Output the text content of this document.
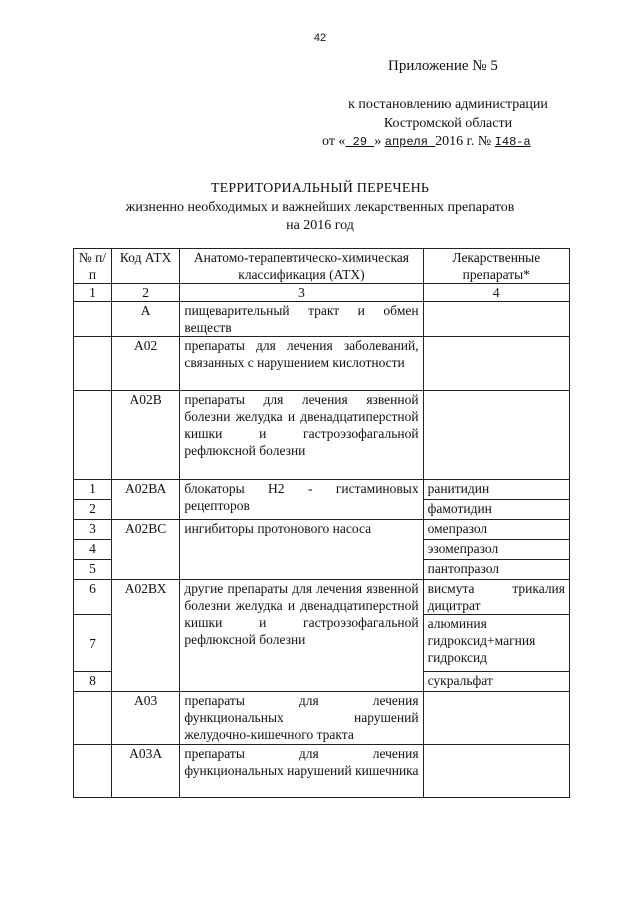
42
Приложение № 5
к постановлению администрации
Костромской области
от « 29 » апреля 2016 г. № I48-а
ТЕРРИТОРИАЛЬНЫЙ ПЕРЕЧЕНЬ
жизненно необходимых и важнейших лекарственных препаратов
на 2016 год
№ п/п	Код АТХ	Анатомо-терапевтическо-химическая классификация (АТХ)	Лекарственные препараты*
1	2	3	4
	А	пищеварительный тракт и обмен веществ	
	А02	препараты для лечения заболеваний, связанных с нарушением кислотности	
	А02В	препараты для лечения язвенной болезни желудка и двенадцатиперстной кишки и гастроэзофагальной рефлюксной болезни	
1	А02ВА	блокаторы Н2 - гистаминовых рецепторов	ранитидин
2			фамотидин
3	А02ВС	ингибиторы протонового насоса	омепразол
4			эзомепразол
5			пантопразол
6	А02ВХ	другие препараты для лечения язвенной болезни желудка и двенадцатиперстной кишки и гастроэзофагальной рефлюксной болезни	висмута трикалия дицитрат
7			алюминия гидроксид+магния гидроксид
8			сукральфат
	А03	препараты для лечения функциональных нарушений желудочно-кишечного тракта	
	А03А	препараты для лечения функциональных нарушений кишечника	
